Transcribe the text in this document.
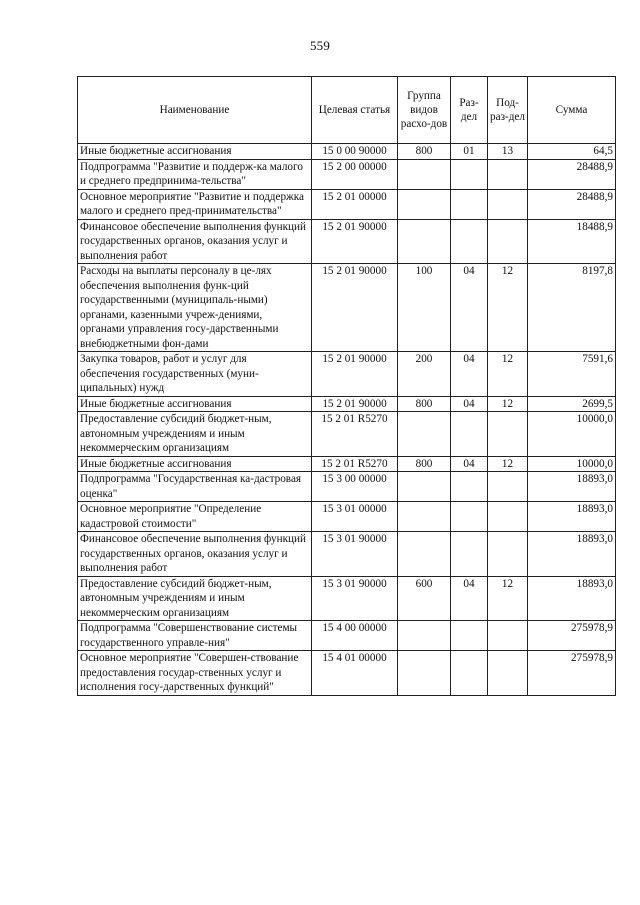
559
Наименование	Целевая статья	Группа видов расхо-дов	Раз-дел	Под-раз-дел	Сумма
Иные бюджетные ассигнования	15 0 00 90000	800	01	13	64,5
Подпрограмма "Развитие и поддерж-ка малого и среднего предпринима-тельства"	15 2 00 00000				28488,9
Основное мероприятие "Развитие и поддержка малого и среднего пред-принимательства"	15 2 01 00000				28488,9
Финансовое обеспечение выполнения функций государственных органов, оказания услуг и выполнения работ	15 2 01 90000				18488,9
Расходы на выплаты персоналу в це-лях обеспечения выполнения функ-ций государственными (муниципаль-ными) органами, казенными учреж-дениями, органами управления госу-дарственными внебюджетными фон-дами	15 2 01 90000	100	04	12	8197,8
Закупка товаров, работ и услуг для обеспечения государственных (муни-ципальных) нужд	15 2 01 90000	200	04	12	7591,6
Иные бюджетные ассигнования	15 2 01 90000	800	04	12	2699,5
Предоставление субсидий бюджет-ным, автономным учреждениям и иным некоммерческим организациям	15 2 01 R5270				10000,0
Иные бюджетные ассигнования	15 2 01 R5270	800	04	12	10000,0
Подпрограмма "Государственная ка-дастровая оценка"	15 3 00 00000				18893,0
Основное мероприятие "Определение кадастровой стоимости"	15 3 01 00000				18893,0
Финансовое обеспечение выполнения функций государственных органов, оказания услуг и выполнения работ	15 3 01 90000				18893,0
Предоставление субсидий бюджет-ным, автономным учреждениям и иным некоммерческим организациям	15 3 01 90000	600	04	12	18893,0
Подпрограмма "Совершенствование системы государственного управле-ния"	15 4 00 00000				275978,9
Основное мероприятие "Совершен-ствование предоставления государ-ственных услуг и исполнения госу-дарственных функций"	15 4 01 00000				275978,9
